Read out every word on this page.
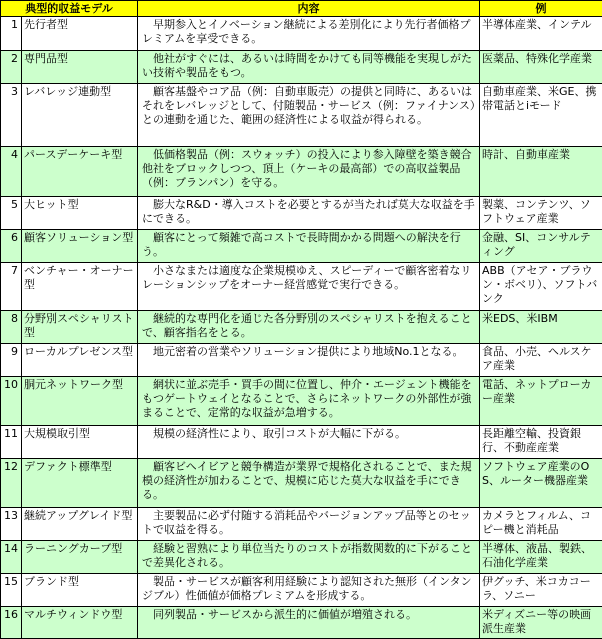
典型的収益モデル		内容	例
1	先行者型	　早期参入とイノベーション継続による差別化により先行者価格プレミアムを享受できる。	半導体産業、インテル
2	専門品型	　他社がすぐには、あるいは時間をかけても同等機能を実現しがたい技術や製品をもつ。	医薬品、特殊化学産業
3	レバレッジ連動型	　顧客基盤やコア品（例：自動車販売）の提供と同時に、あるいはそれをレバレッジとして、付随製品・サービス（例：ファイナンス）との連動を通じた、範囲の経済性による収益が得られる。	自動車産業、米GE、携帯電話とiモード
4	パースデーケーキ型	　低価格製品（例：スウォッチ）の投入により参入障壁を築き競合他社をブロックしつつ、頂上（ケーキの最高部）での高収益製品（例：ブランパン）を守る。	時計、自動車産業
5	大ヒット型	　膨大なR&D・導入コストを必要とするが当たれば莫大な収益を手にできる。	製薬、コンテンツ、ソフトウェア産業
6	顧客ソリューション型	　顧客にとって頻雑で高コストで長時間かかる問題への解決を行う。	金融、SI、コンサルティング
7	ベンチャー・オーナー型	　小さなまたは適度な企業規模ゆえ、スピーディーで顧客密着なリレーションシップをオーナー経営感覚で実行できる。	ABB（アセア・ブラウン・ボベリ）、ソフトバンク
8	分野別スペシャリスト型	　継続的な専門化を通じた各分野別のスペシャリストを抱えることで、顧客指名をとる。	米EDS、米IBM
9	ローカルプレゼンス型	　地元密着の営業やソリューション提供により地域No.1となる。	食品、小売、ヘルスケア産業
10	胴元ネットワーク型	　網状に並ぶ売手・買手の間に位置し、仲介・エージェント機能をもつゲートウェイとなることで、さらにネットワークの外部性が強まることで、定常的な収益が急増する。	電話、ネットプローカー産業
11	大規模取引型	　規模の経済性により、取引コストが大幅に下がる。	長距離空輸、投資銀行、不動産産業
12	デファクト標準型	　顧客ビヘイビアと競争構造が業界で規格化されることで、また規模の経済性が加わることで、規模に応じた莫大な収益を手にできる。	ソフトウェア産業のOS、ルーター機器産業
13	継続アップグレイド型	　主要製品に必ず付随する消耗品やバージョンアップ品等とのセットで収益を得る。	カメラとフィルム、コピー機と消耗品
14	ラーニングカーブ型	　経験と習熟により単位当たりのコストが指数関数的に下がることで差異化される。	半導体、液晶、製鉄、石油化学産業
15	ブランド型	　製品・サービスが顧客利用経験により認知された無形（インタンジブル）性価値が価格プレミアムを形成する。	伊グッチ、米コカコーラ、ソニー
16	マルチウィンドウ型	　同列製品・サービスから派生的に価値が増殖される。	米ディズニー等の映画派生産業
